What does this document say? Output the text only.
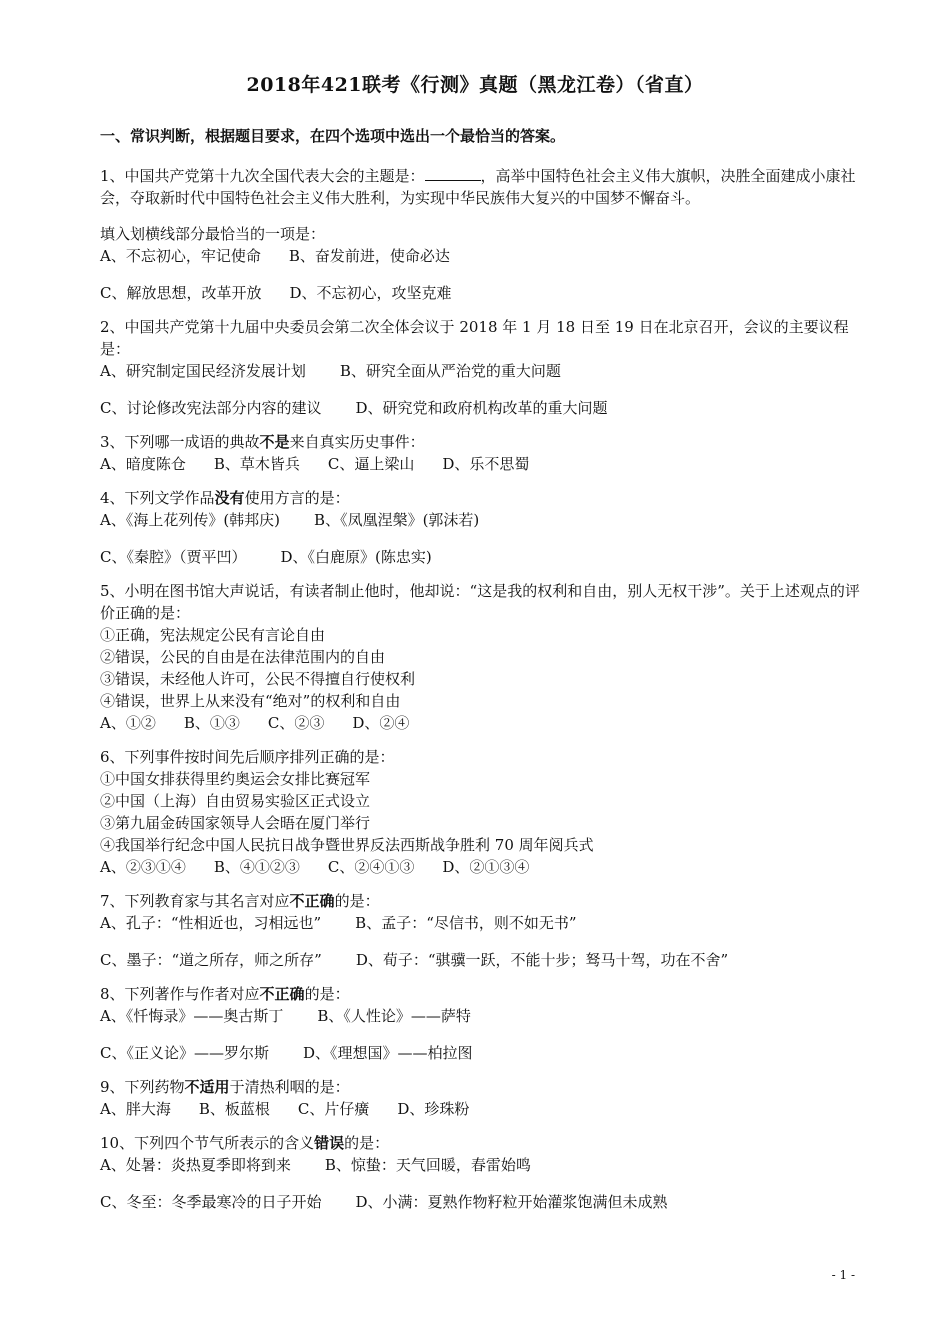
2018年421联考《行测》真题（黑龙江卷）（省直）
一、常识判断，根据题目要求，在四个选项中选出一个最恰当的答案。
1、中国共产党第十九次全国代表大会的主题是：	，高举中国特色社会主义伟大旗帜，决胜全面建成小康社会，夺取新时代中国特色社会主义伟大胜利，为实现中华民族伟大复兴的中国梦不懈奋斗。
填入划横线部分最恰当的一项是：
A、不忘初心，牢记使命 B、奋发前进，使命必达
C、解放思想，改革开放 D、不忘初心，攻坚克难
2、中国共产党第十九届中央委员会第二次全体会议于 2018 年 1 月 18 日至 19 日在北京召开，会议的主要议程是：
A、研究制定国民经济发展计划 B、研究全面从严治党的重大问题
C、讨论修改宪法部分内容的建议 D、研究党和政府机构改革的重大问题
3、下列哪一成语的典故不是来自真实历史事件：
A、暗度陈仓 B、草木皆兵 C、逼上梁山 D、乐不思蜀
4、下列文学作品没有使用方言的是：
A、《海上花列传》(韩邦庆) B、《凤凰涅槃》(郭沫若)
C、《秦腔》（贾平凹） D、《白鹿原》(陈忠实)
5、小明在图书馆大声说话，有读者制止他时，他却说：“这是我的权利和自由，别人无权干涉”。关于上述观点的评价正确的是：
①正确，宪法规定公民有言论自由
②错误，公民的自由是在法律范围内的自由
③错误，未经他人许可，公民不得擅自行使权利
④错误，世界上从来没有“绝对”的权利和自由
A、①② B、①③ C、②③ D、②④
6、下列事件按时间先后顺序排列正确的是：
①中国女排获得里约奥运会女排比赛冠军
②中国（上海）自由贸易实验区正式设立
③第九届金砖国家领导人会晤在厦门举行
④我国举行纪念中国人民抗日战争暨世界反法西斯战争胜利 70 周年阅兵式
A、②③①④ B、④①②③ C、②④①③ D、②①③④
7、下列教育家与其名言对应不正确的是：
A、孔子：“性相近也，习相远也” B、孟子：“尽信书，则不如无书”
C、墨子：“道之所存，师之所存” D、荀子：“骐骥一跃，不能十步；驽马十驾，功在不舍”
8、下列著作与作者对应不正确的是：
A、《忏悔录》——奥古斯丁 B、《人性论》——萨特
C、《正义论》——罗尔斯 D、《理想国》——柏拉图
9、下列药物不适用于清热利咽的是：
A、胖大海 B、板蓝根 C、片仔癀 D、珍珠粉
10、下列四个节气所表示的含义错误的是：
A、处暑：炎热夏季即将到来 B、惊蛰：天气回暖，春雷始鸣
C、冬至：冬季最寒冷的日子开始 D、小满：夏熟作物籽粒开始灌浆饱满但未成熟
- 1 -
